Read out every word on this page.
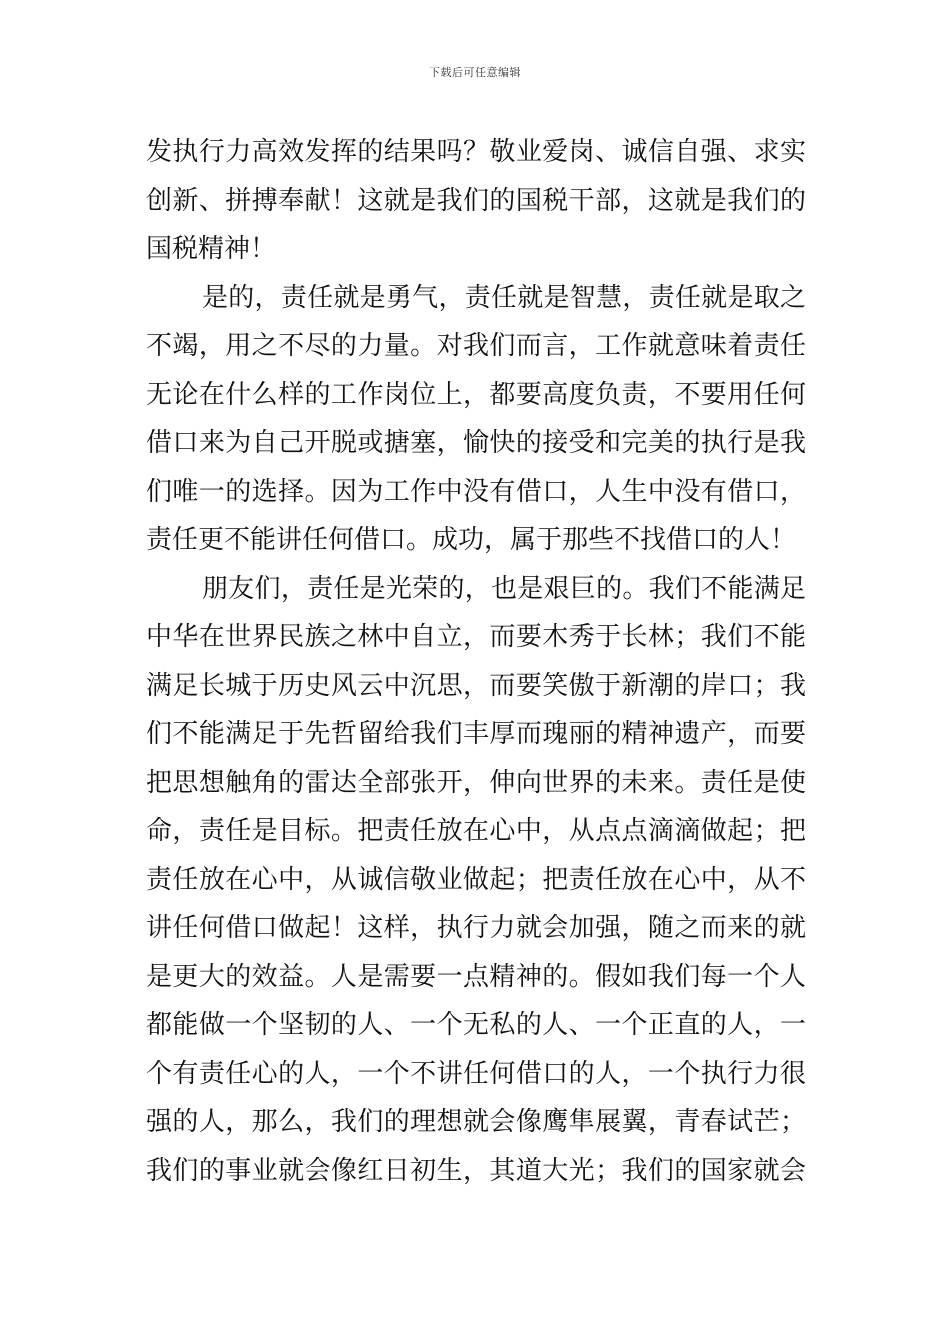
下载后可任意编辑
发执行力高效发挥的结果吗？敬业爱岗、诚信自强、求实
创新、拼搏奉献！这就是我们的国税干部，这就是我们的
国税精神！
是的，责任就是勇气，责任就是智慧，责任就是取之
不竭，用之不尽的力量。对我们而言，工作就意味着责任
无论在什么样的工作岗位上，都要高度负责，不要用任何
借口来为自己开脱或搪塞，愉快的接受和完美的执行是我
们唯一的选择。因为工作中没有借口，人生中没有借口，
责任更不能讲任何借口。成功，属于那些不找借口的人！
朋友们，责任是光荣的，也是艰巨的。我们不能满足
中华在世界民族之林中自立，而要木秀于长林；我们不能
满足长城于历史风云中沉思，而要笑傲于新潮的岸口；我
们不能满足于先哲留给我们丰厚而瑰丽的精神遗产，而要
把思想触角的雷达全部张开，伸向世界的未来。责任是使
命，责任是目标。把责任放在心中，从点点滴滴做起；把
责任放在心中，从诚信敬业做起；把责任放在心中，从不
讲任何借口做起！这样，执行力就会加强，随之而来的就
是更大的效益。人是需要一点精神的。假如我们每一个人
都能做一个坚韧的人、一个无私的人、一个正直的人，一
个有责任心的人，一个不讲任何借口的人，一个执行力很
强的人，那么，我们的理想就会像鹰隼展翼，青春试芒；
我们的事业就会像红日初生，其道大光；我们的国家就会
